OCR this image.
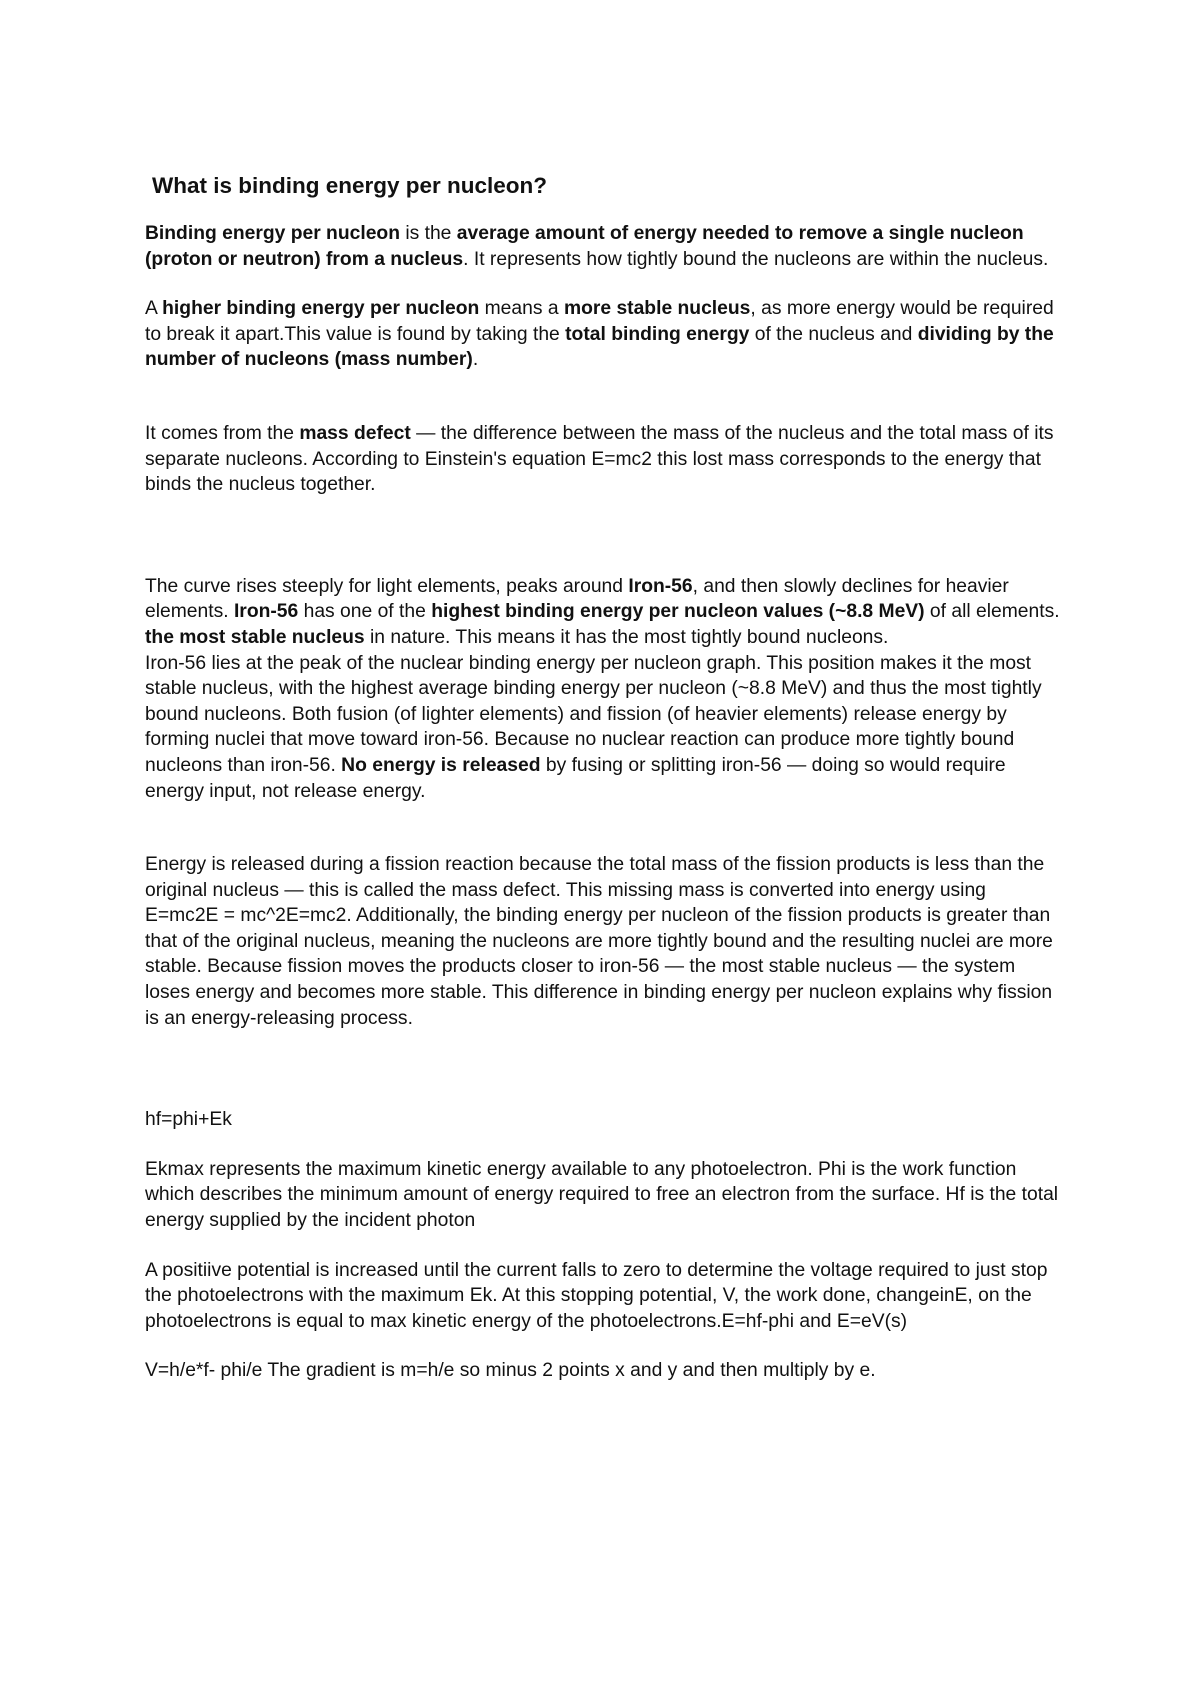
What is binding energy per nucleon?

Binding energy per nucleon is the average amount of energy needed to remove a single nucleon (proton or neutron) from a nucleus. It represents how tightly bound the nucleons are within the nucleus.

A higher binding energy per nucleon means a more stable nucleus, as more energy would be required to break it apart.This value is found by taking the total binding energy of the nucleus and dividing by the number of nucleons (mass number).

It comes from the mass defect — the difference between the mass of the nucleus and the total mass of its separate nucleons. According to Einstein's equation E=mc2 this lost mass corresponds to the energy that binds the nucleus together.

The curve rises steeply for light elements, peaks around Iron-56, and then slowly declines for heavier elements. Iron-56 has one of the highest binding energy per nucleon values (~8.8 MeV) of all elements. the most stable nucleus in nature. This means it has the most tightly bound nucleons.

Iron-56 lies at the peak of the nuclear binding energy per nucleon graph. This position makes it the most stable nucleus, with the highest average binding energy per nucleon (~8.8 MeV) and thus the most tightly bound nucleons. Both fusion (of lighter elements) and fission (of heavier elements) release energy by forming nuclei that move toward iron-56. Because no nuclear reaction can produce more tightly bound nucleons than iron-56. No energy is released by fusing or splitting iron-56 — doing so would require energy input, not release energy.

Energy is released during a fission reaction because the total mass of the fission products is less than the original nucleus — this is called the mass defect. This missing mass is converted into energy using E=mc2E = mc^2E=mc2. Additionally, the binding energy per nucleon of the fission products is greater than that of the original nucleus, meaning the nucleons are more tightly bound and the resulting nuclei are more stable. Because fission moves the products closer to iron-56 — the most stable nucleus — the system loses energy and becomes more stable. This difference in binding energy per nucleon explains why fission is an energy-releasing process.

hf=phi+Ek

Ekmax represents the maximum kinetic energy available to any photoelectron. Phi is the work function which describes the minimum amount of energy required to free an electron from the surface. Hf is the total energy supplied by the incident photon

A positiive potential is increased until the current falls to zero to determine the voltage required to just stop the photoelectrons with the maximum Ek. At this stopping potential, V, the work done, changeinE, on the photoelectrons is equal to max kinetic energy of the photoelectrons.E=hf-phi and E=eV(s)

V=h/e*f- phi/e The gradient is m=h/e so minus 2 points x and y and then multiply by e.
